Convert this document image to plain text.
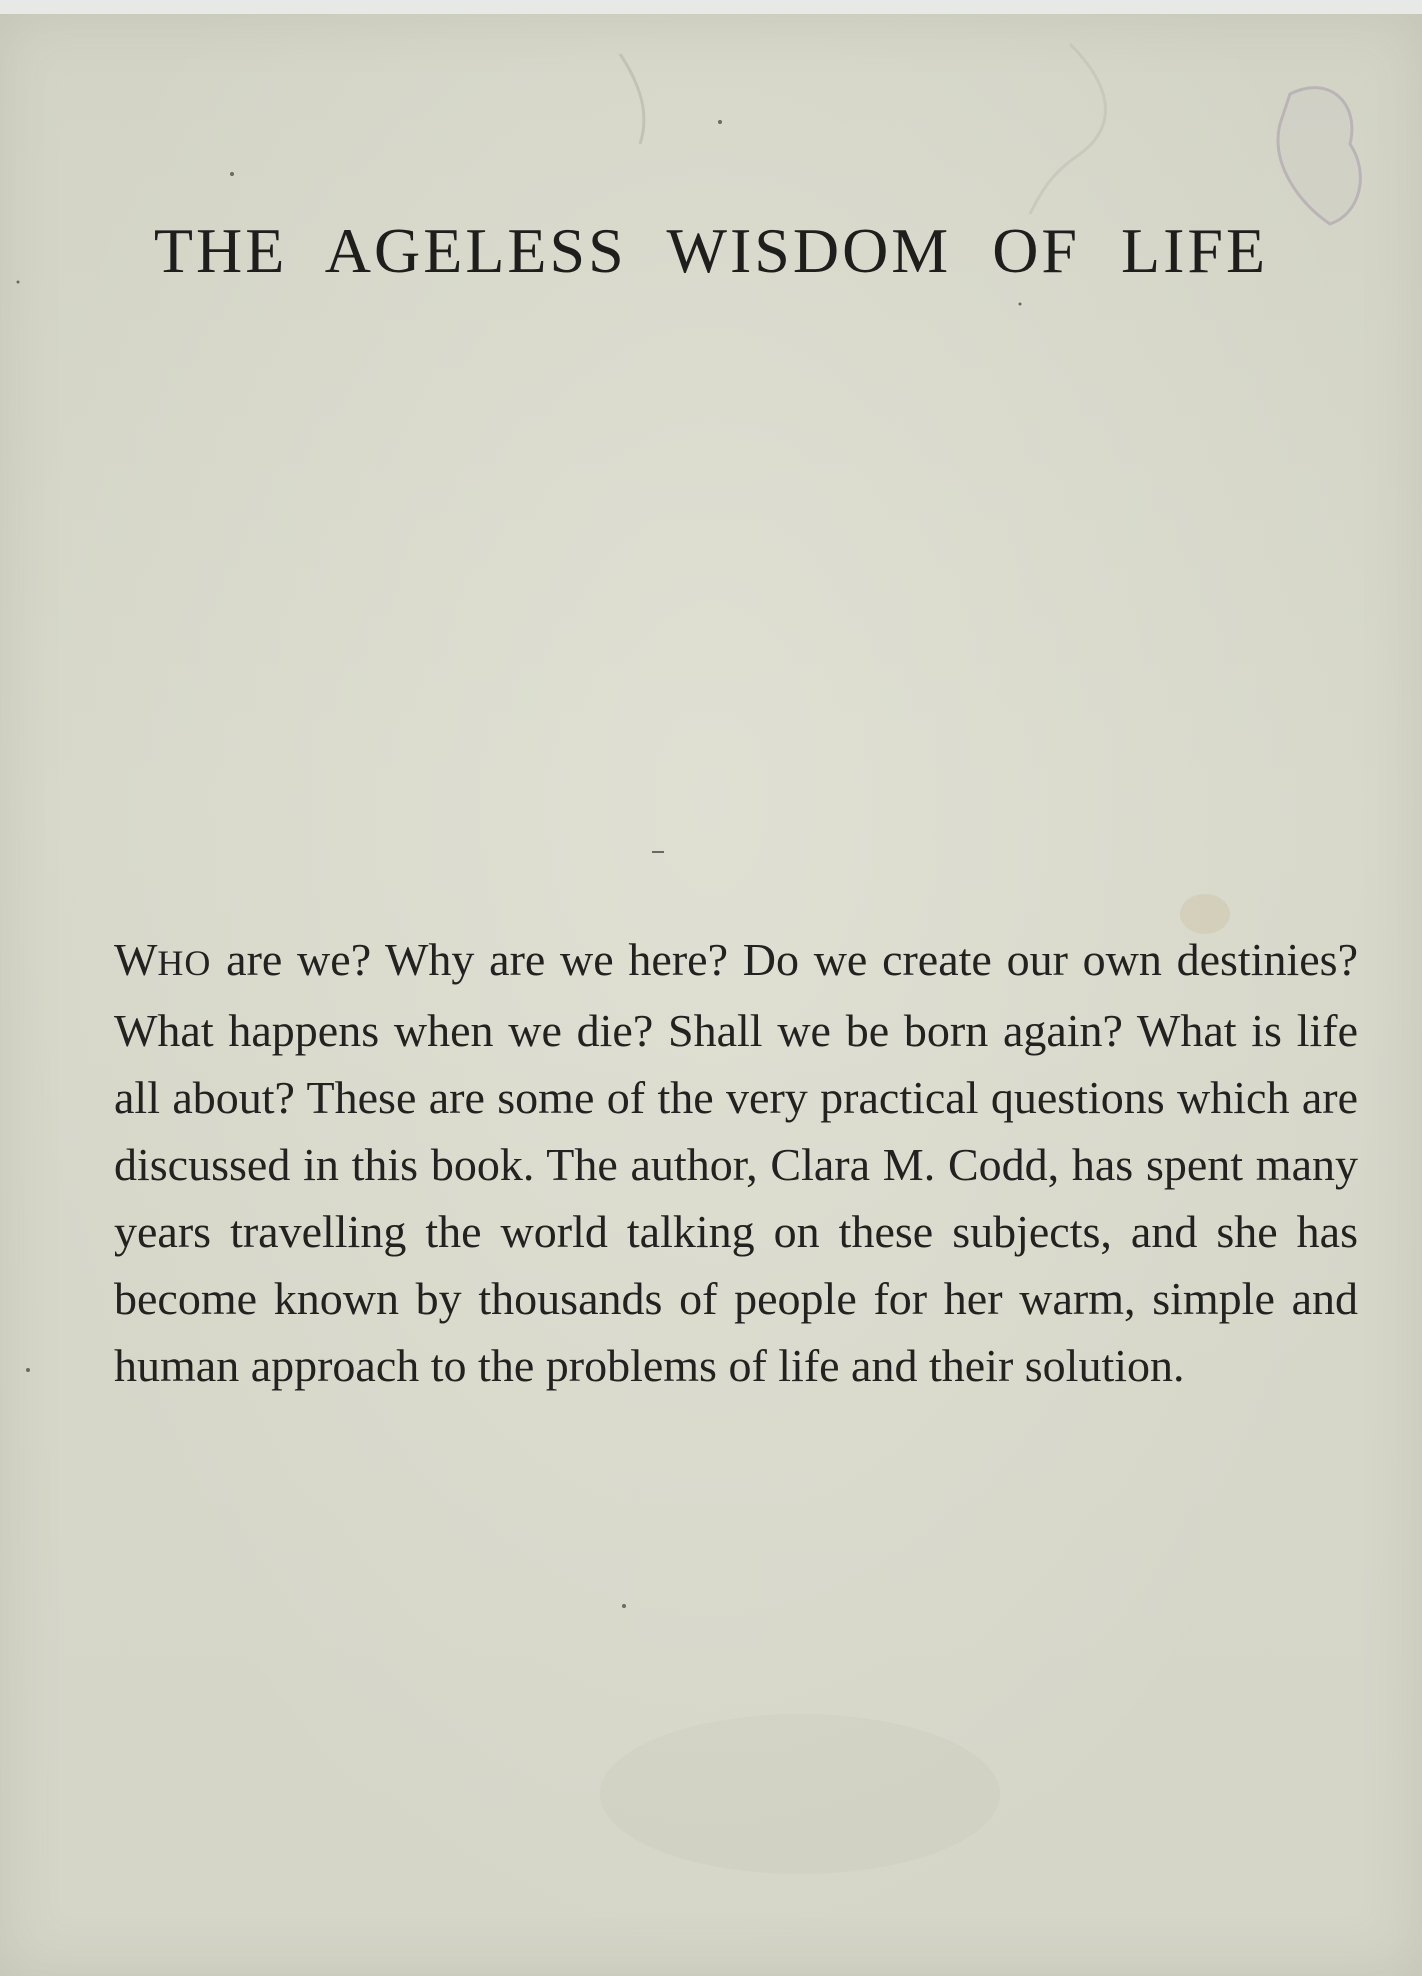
THE AGELESS WISDOM OF LIFE

WHO are we? Why are we here? Do we create our own destinies? What happens when we die? Shall we be born again? What is life all about? These are some of the very practical questions which are discussed in this book. The author, Clara M. Codd, has spent many years travelling the world talking on these subjects, and she has become known by thousands of people for her warm, simple and human approach to the problems of life and their solution.
